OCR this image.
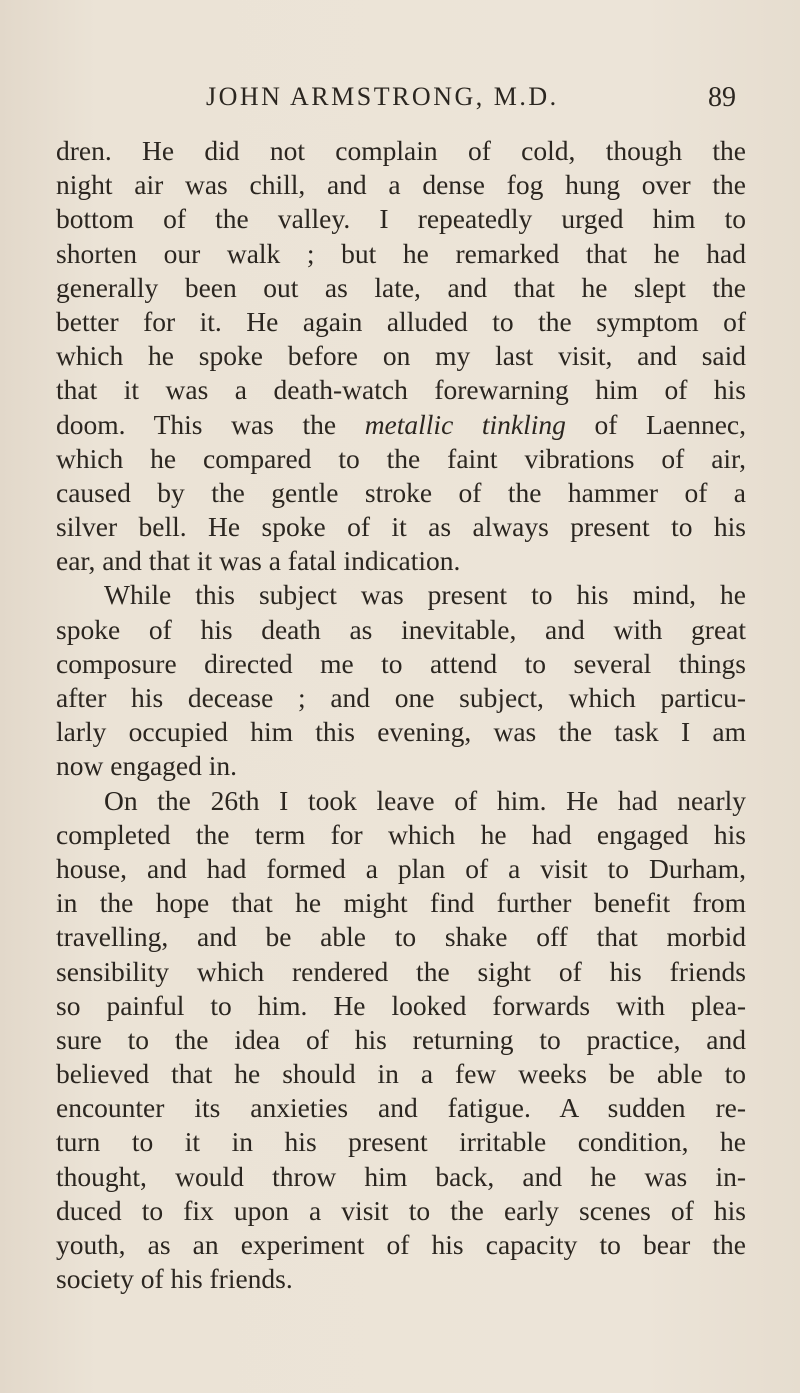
JOHN ARMSTRONG, M.D.	89
dren. He did not complain of cold, though the
night air was chill, and a dense fog hung over the
bottom of the valley. I repeatedly urged him to
shorten our walk ; but he remarked that he had
generally been out as late, and that he slept the
better for it. He again alluded to the symptom of
which he spoke before on my last visit, and said
that it was a death-watch forewarning him of his
doom. This was the metallic tinkling of Laennec,
which he compared to the faint vibrations of air,
caused by the gentle stroke of the hammer of a
silver bell. He spoke of it as always present to his
ear, and that it was a fatal indication.
While this subject was present to his mind, he
spoke of his death as inevitable, and with great
composure directed me to attend to several things
after his decease ; and one subject, which particu-
larly occupied him this evening, was the task I am
now engaged in.
On the 26th I took leave of him. He had nearly
completed the term for which he had engaged his
house, and had formed a plan of a visit to Durham,
in the hope that he might find further benefit from
travelling, and be able to shake off that morbid
sensibility which rendered the sight of his friends
so painful to him. He looked forwards with plea-
sure to the idea of his returning to practice, and
believed that he should in a few weeks be able to
encounter its anxieties and fatigue. A sudden re-
turn to it in his present irritable condition, he
thought, would throw him back, and he was in-
duced to fix upon a visit to the early scenes of his
youth, as an experiment of his capacity to bear the
society of his friends.
